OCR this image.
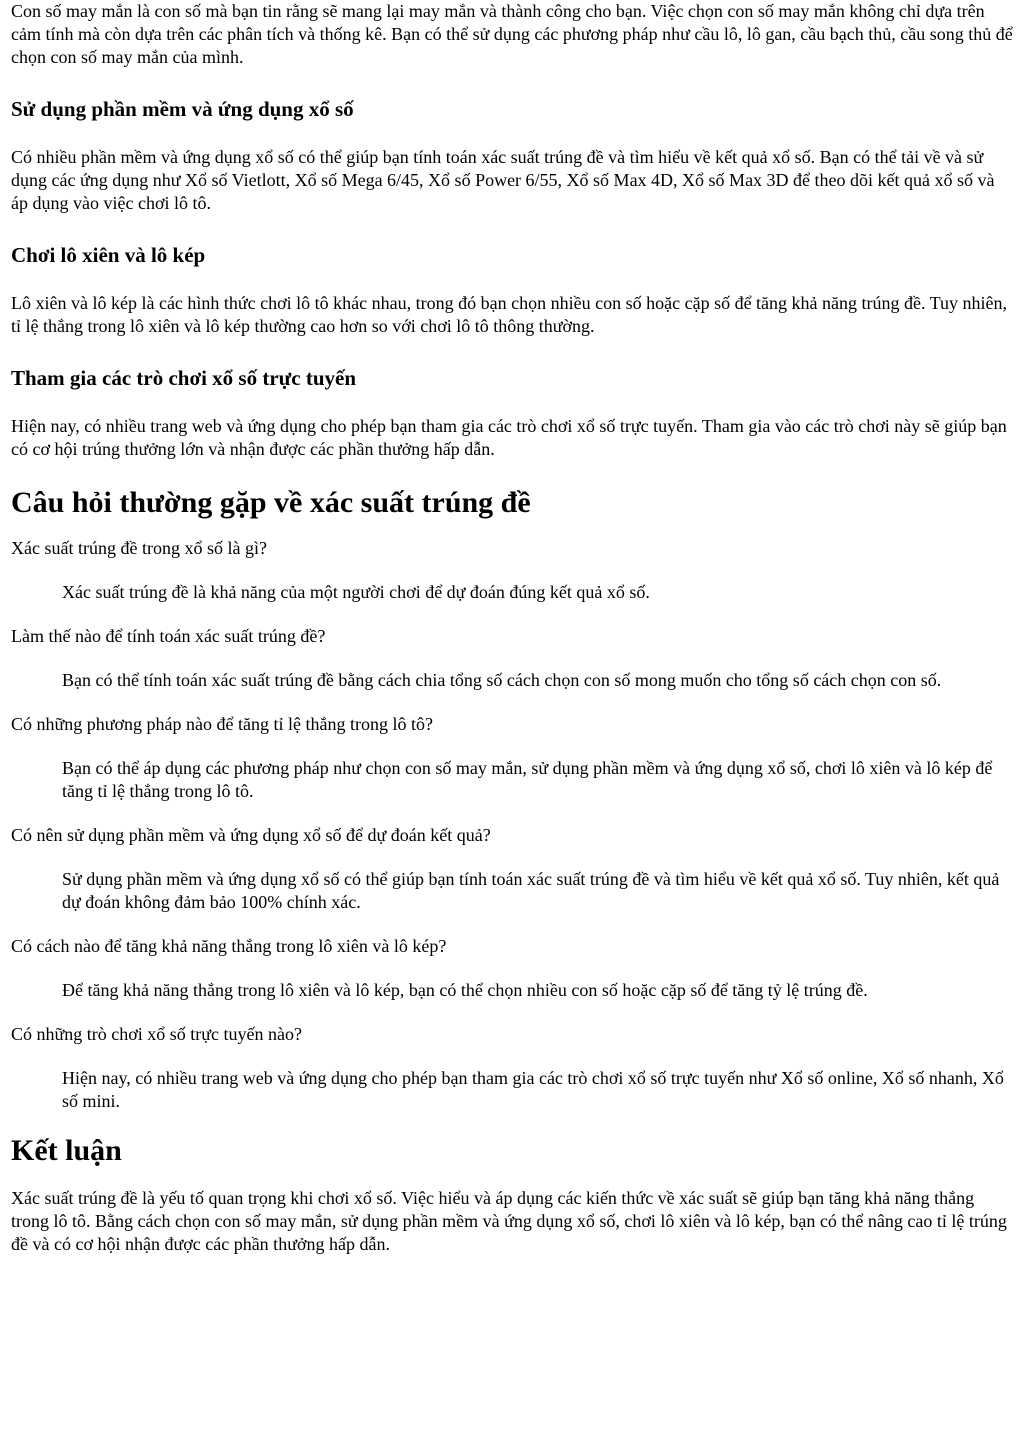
Con số may mắn là con số mà bạn tin rằng sẽ mang lại may mắn và thành công cho bạn. Việc chọn con số may mắn không chỉ dựa trên cảm tính mà còn dựa trên các phân tích và thống kê. Bạn có thể sử dụng các phương pháp như cầu lô, lô gan, cầu bạch thủ, cầu song thủ để chọn con số may mắn của mình.

Sử dụng phần mềm và ứng dụng xổ số

Có nhiều phần mềm và ứng dụng xổ số có thể giúp bạn tính toán xác suất trúng đề và tìm hiểu về kết quả xổ số. Bạn có thể tải về và sử dụng các ứng dụng như Xổ số Vietlott, Xổ số Mega 6/45, Xổ số Power 6/55, Xổ số Max 4D, Xổ số Max 3D để theo dõi kết quả xổ số và áp dụng vào việc chơi lô tô.

Chơi lô xiên và lô kép

Lô xiên và lô kép là các hình thức chơi lô tô khác nhau, trong đó bạn chọn nhiều con số hoặc cặp số để tăng khả năng trúng đề. Tuy nhiên, tỉ lệ thắng trong lô xiên và lô kép thường cao hơn so với chơi lô tô thông thường.

Tham gia các trò chơi xổ số trực tuyến

Hiện nay, có nhiều trang web và ứng dụng cho phép bạn tham gia các trò chơi xổ số trực tuyến. Tham gia vào các trò chơi này sẽ giúp bạn có cơ hội trúng thưởng lớn và nhận được các phần thưởng hấp dẫn.

Câu hỏi thường gặp về xác suất trúng đề

Xác suất trúng đề trong xổ số là gì?

Xác suất trúng đề là khả năng của một người chơi để dự đoán đúng kết quả xổ số.

Làm thế nào để tính toán xác suất trúng đề?

Bạn có thể tính toán xác suất trúng đề bằng cách chia tổng số cách chọn con số mong muốn cho tổng số cách chọn con số.

Có những phương pháp nào để tăng tỉ lệ thắng trong lô tô?

Bạn có thể áp dụng các phương pháp như chọn con số may mắn, sử dụng phần mềm và ứng dụng xổ số, chơi lô xiên và lô kép để tăng tỉ lệ thắng trong lô tô.

Có nên sử dụng phần mềm và ứng dụng xổ số để dự đoán kết quả?

Sử dụng phần mềm và ứng dụng xổ số có thể giúp bạn tính toán xác suất trúng đề và tìm hiểu về kết quả xổ số. Tuy nhiên, kết quả dự đoán không đảm bảo 100% chính xác.

Có cách nào để tăng khả năng thắng trong lô xiên và lô kép?

Để tăng khả năng thắng trong lô xiên và lô kép, bạn có thể chọn nhiều con số hoặc cặp số để tăng tỷ lệ trúng đề.

Có những trò chơi xổ số trực tuyến nào?

Hiện nay, có nhiều trang web và ứng dụng cho phép bạn tham gia các trò chơi xổ số trực tuyến như Xổ số online, Xổ số nhanh, Xổ số mini.

Kết luận

Xác suất trúng đề là yếu tố quan trọng khi chơi xổ số. Việc hiểu và áp dụng các kiến thức về xác suất sẽ giúp bạn tăng khả năng thắng trong lô tô. Bằng cách chọn con số may mắn, sử dụng phần mềm và ứng dụng xổ số, chơi lô xiên và lô kép, bạn có thể nâng cao tỉ lệ trúng đề và có cơ hội nhận được các phần thưởng hấp dẫn.
